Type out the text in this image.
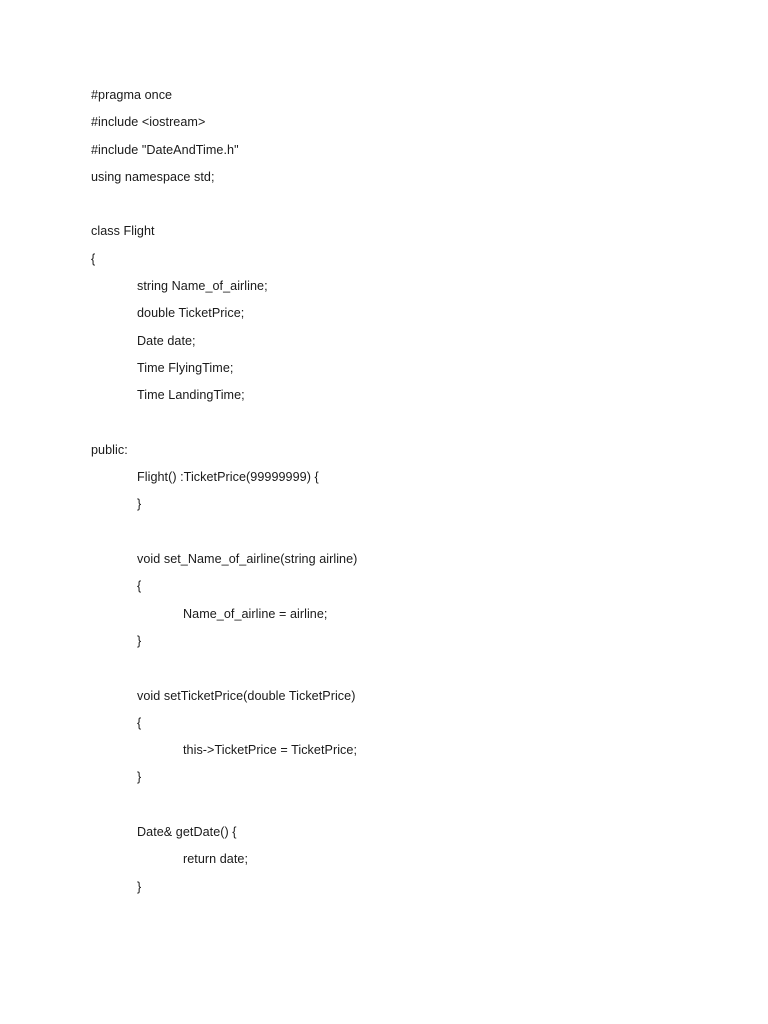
#pragma once
#include <iostream>
#include "DateAndTime.h"
using namespace std;
class Flight
{
string Name_of_airline;
double TicketPrice;
Date date;
Time FlyingTime;
Time LandingTime;
public:
Flight() :TicketPrice(99999999) {
}
void set_Name_of_airline(string airline)
{
Name_of_airline = airline;
}
void setTicketPrice(double TicketPrice)
{
this->TicketPrice = TicketPrice;
}
Date& getDate() {
return date;
}
